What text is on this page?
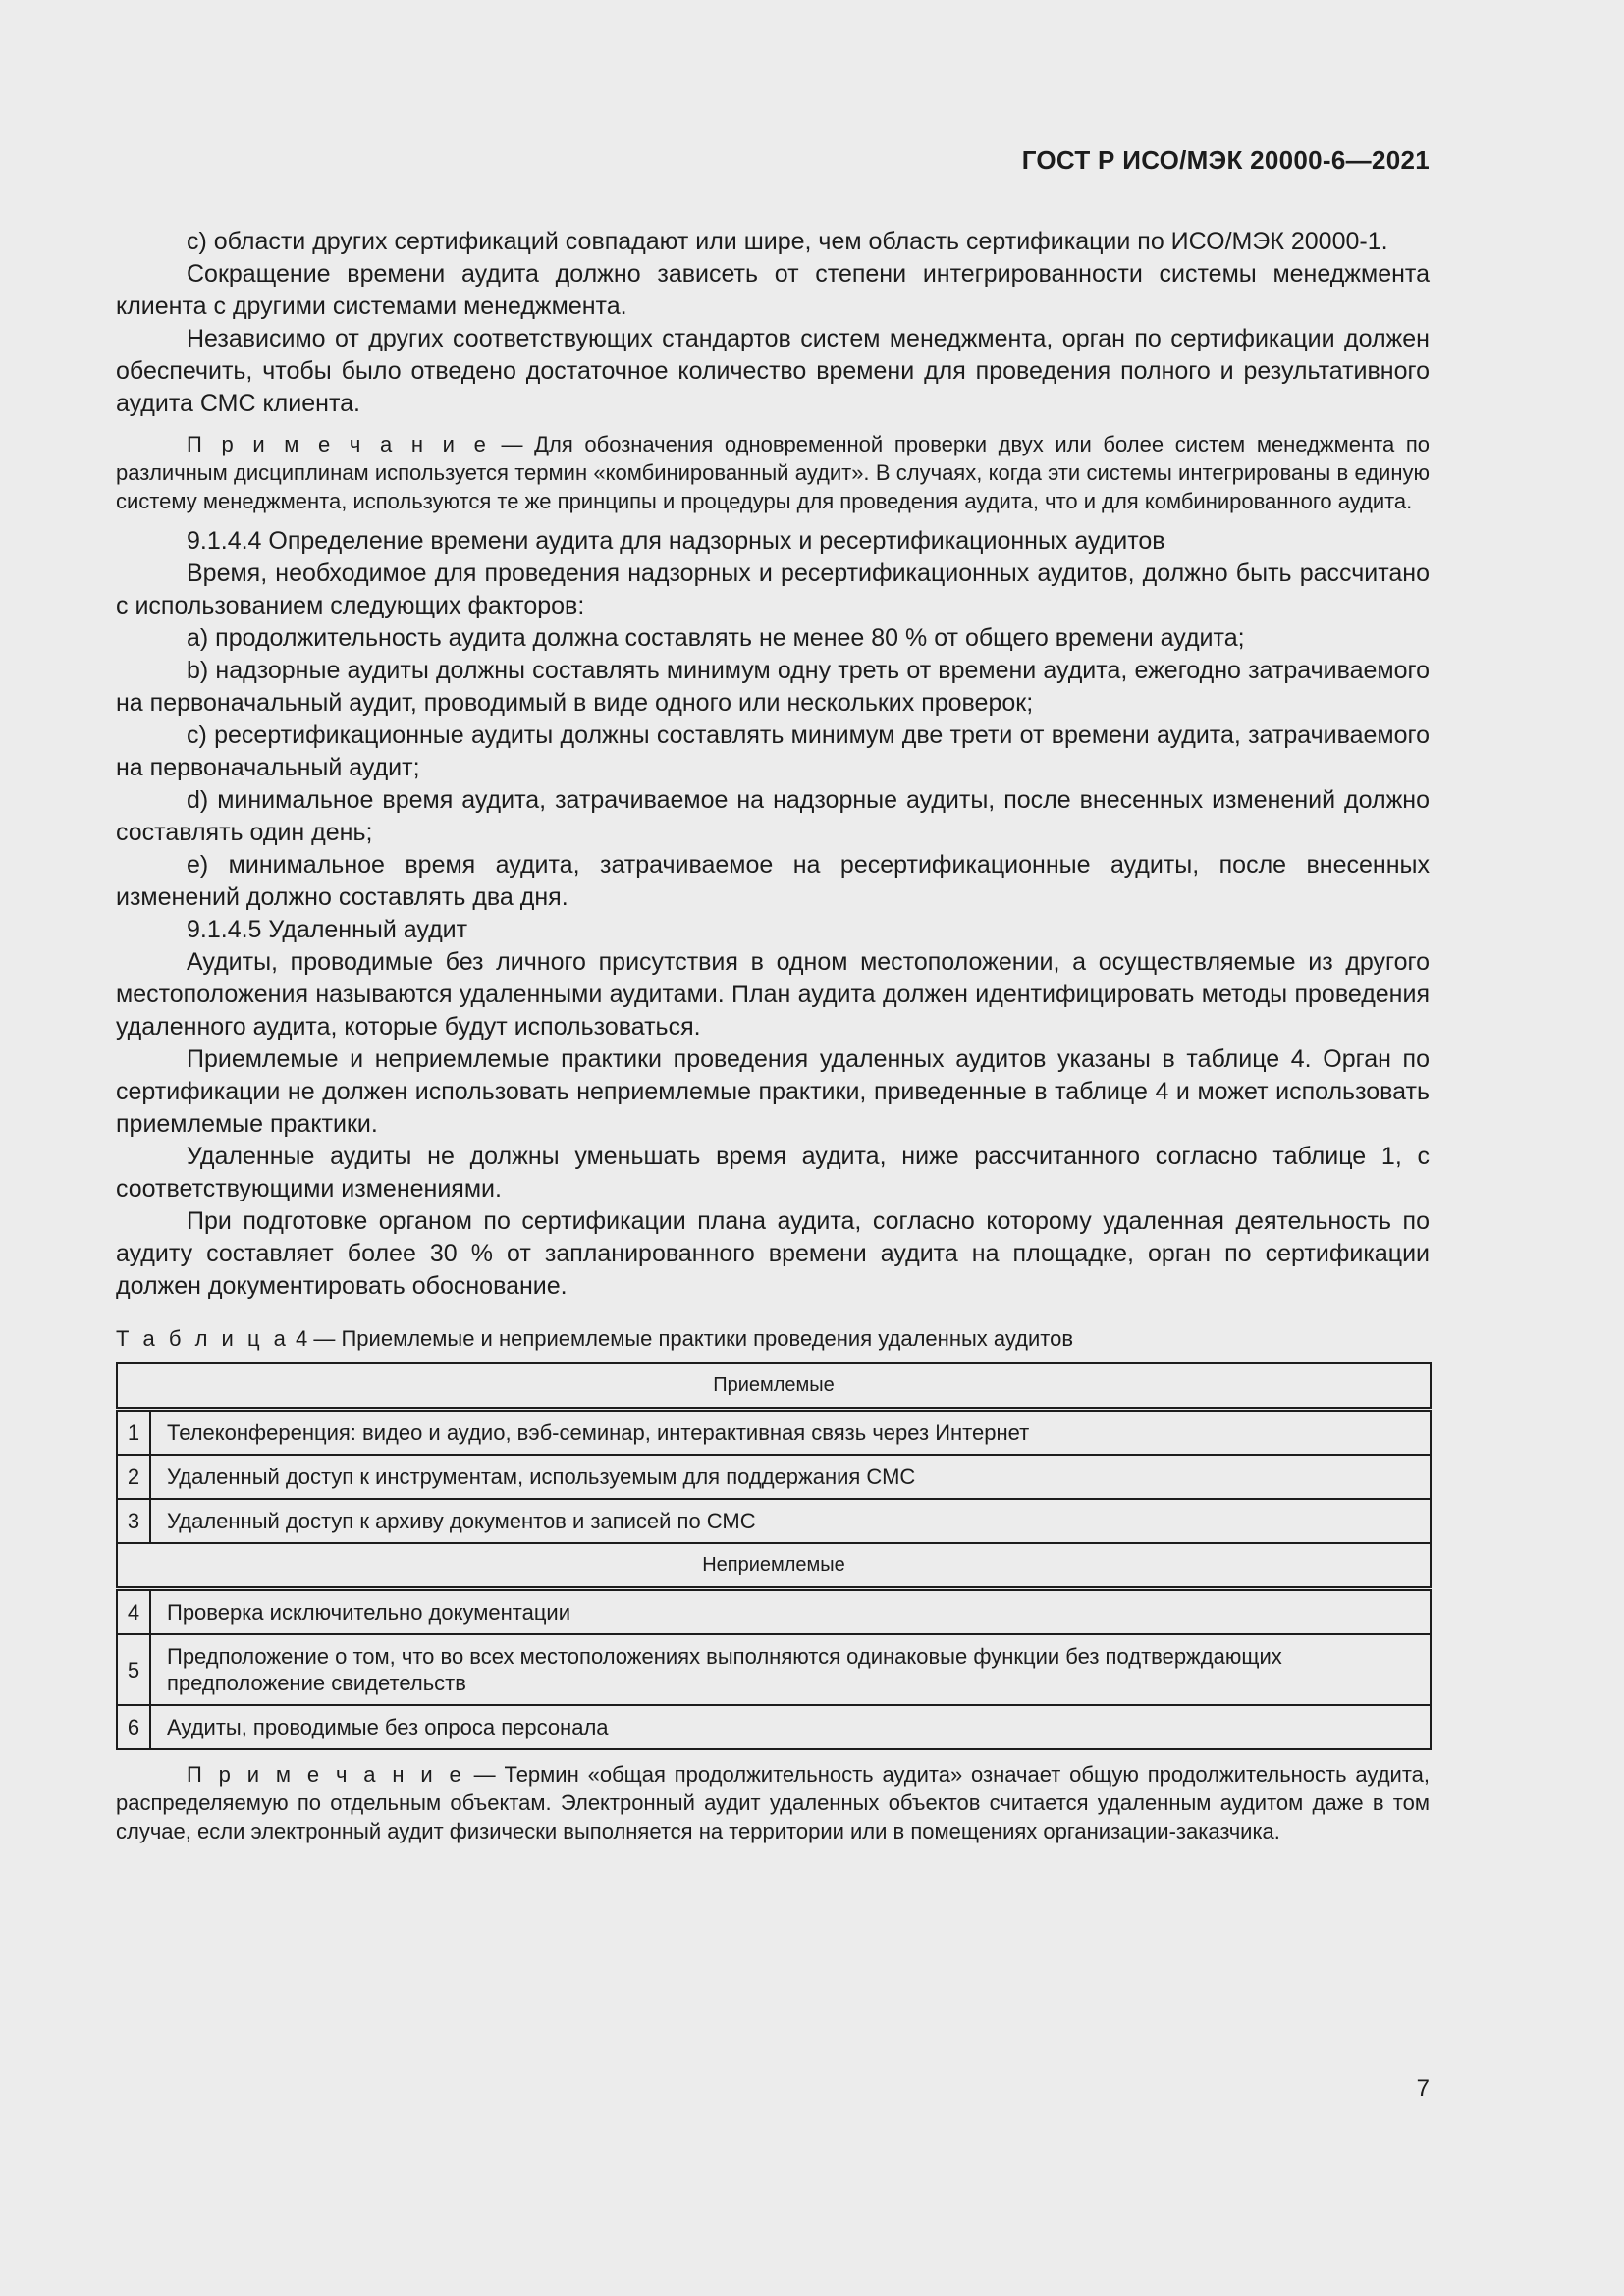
ГОСТ Р ИСО/МЭК 20000-6—2021

с) области других сертификаций совпадают или шире, чем область сертификации по ИСО/МЭК 20000-1.

Сокращение времени аудита должно зависеть от степени интегрированности системы менеджмента клиента с другими системами менеджмента.

Независимо от других соответствующих стандартов систем менеджмента, орган по сертификации должен обеспечить, чтобы было отведено достаточное количество времени для проведения полного и результативного аудита СМС клиента.

П р и м е ч а н и е — Для обозначения одновременной проверки двух или более систем менеджмента по различным дисциплинам используется термин «комбинированный аудит». В случаях, когда эти системы интегрированы в единую систему менеджмента, используются те же принципы и процедуры для проведения аудита, что и для комбинированного аудита.

9.1.4.4 Определение времени аудита для надзорных и ресертификационных аудитов

Время, необходимое для проведения надзорных и ресертификационных аудитов, должно быть рассчитано с использованием следующих факторов:

a) продолжительность аудита должна составлять не менее 80 % от общего времени аудита;

b) надзорные аудиты должны составлять минимум одну треть от времени аудита, ежегодно затрачиваемого на первоначальный аудит, проводимый в виде одного или нескольких проверок;

c) ресертификационные аудиты должны составлять минимум две трети от времени аудита, затрачиваемого на первоначальный аудит;

d) минимальное время аудита, затрачиваемое на надзорные аудиты, после внесенных изменений должно составлять один день;

e) минимальное время аудита, затрачиваемое на ресертификационные аудиты, после внесенных изменений должно составлять два дня.

9.1.4.5 Удаленный аудит

Аудиты, проводимые без личного присутствия в одном местоположении, а осуществляемые из другого местоположения называются удаленными аудитами. План аудита должен идентифицировать методы проведения удаленного аудита, которые будут использоваться.

Приемлемые и неприемлемые практики проведения удаленных аудитов указаны в таблице 4. Орган по сертификации не должен использовать неприемлемые практики, приведенные в таблице 4 и может использовать приемлемые практики.

Удаленные аудиты не должны уменьшать время аудита, ниже рассчитанного согласно таблице 1, с соответствующими изменениями.

При подготовке органом по сертификации плана аудита, согласно которому удаленная деятельность по аудиту составляет более 30 % от запланированного времени аудита на площадке, орган по сертификации должен документировать обоснование.

Т а б л и ц а 4 — Приемлемые и неприемлемые практики проведения удаленных аудитов
Приемлемые	
1	Телеконференция: видео и аудио, вэб-семинар, интерактивная связь через Интернет
2	Удаленный доступ к инструментам, используемым для поддержания СМС
3	Удаленный доступ к архиву документов и записей по СМС
Неприемлемые	
4	Проверка исключительно документации
5	Предположение о том, что во всех местоположениях выполняются одинаковые функции без подтверждающих предположение свидетельств
6	Аудиты, проводимые без опроса персонала

П р и м е ч а н и е — Термин «общая продолжительность аудита» означает общую продолжительность аудита, распределяемую по отдельным объектам. Электронный аудит удаленных объектов считается удаленным аудитом даже в том случае, если электронный аудит физически выполняется на территории или в помещениях организации-заказчика.

7
